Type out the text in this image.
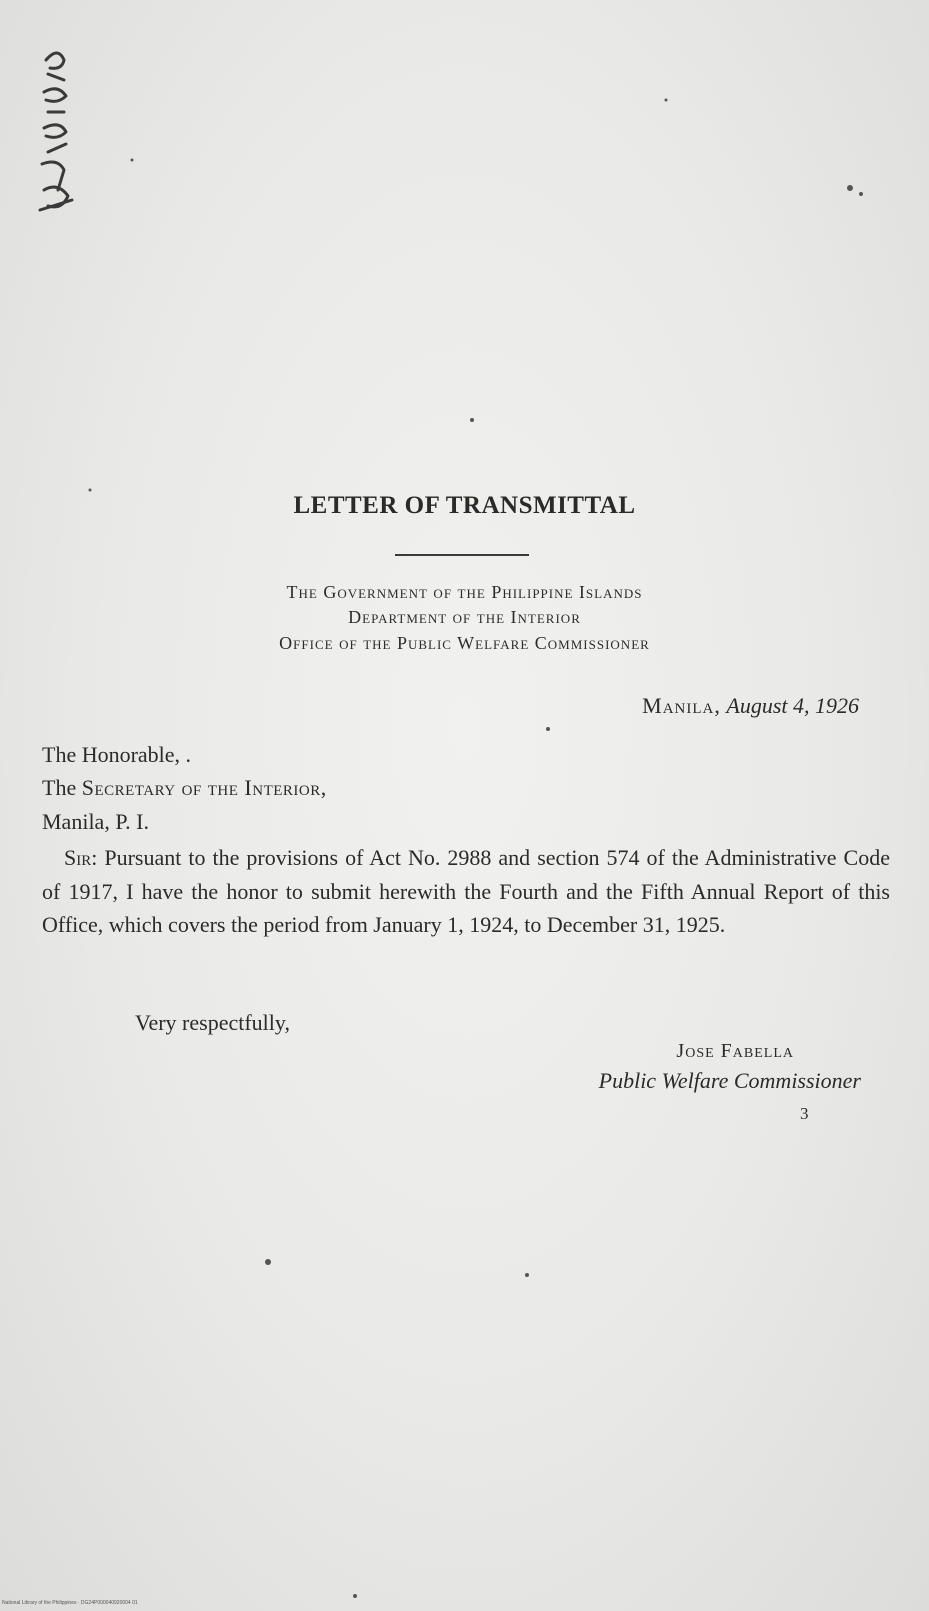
LETTER OF TRANSMITTAL
The Government of the Philippine Islands
Department of the Interior
Office of the Public Welfare Commissioner
Manila, August 4, 1926
The Honorable, .
The Secretary of the Interior,
Manila, P. I.
Sir: Pursuant to the provisions of Act No. 2988 and section 574 of the Administrative Code of 1917, I have the honor to submit herewith the Fourth and the Fifth Annual Report of this Office, which covers the period from January 1, 1924, to December 31, 1925.
Very respectfully,
Jose Fabella
Public Welfare Commissioner
3
National Library of the Philippines · DG24P000040920004 01
